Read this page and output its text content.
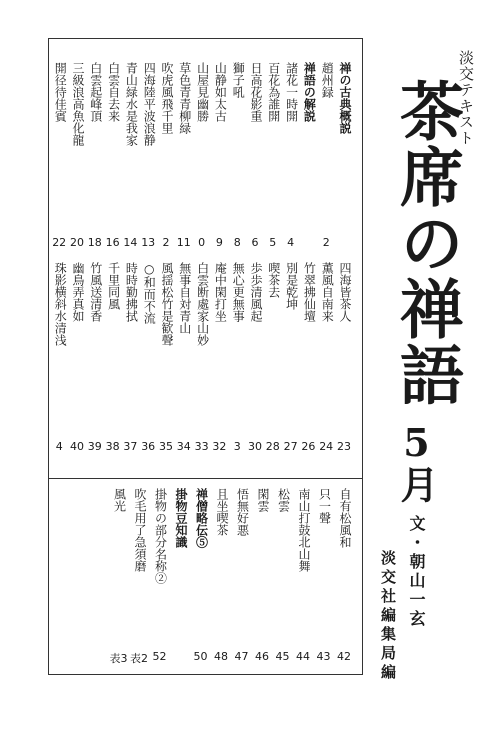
淡交テキスト
茶席の禅語
5月
文・朝山一玄
淡交社編集局編
禅の古典概説
趙州録
2
禅語の解説
諸花一時開
4
百花為誰開
5
日高花影重
6
獅子吼
8
山静如太古
9
山屋見幽勝
0
草色青青柳緑
11
吹虎風飛千里
2
四海陸平波浪静
13
青山緑水是我家
14
白雲自去来
16
白雲起峰頂
18
三級浪高魚化龍
20
開径待佳賓
22
四海皆茶人
23
薫風自南来
24
竹翠拂仙壇
26
別是乾坤
27
喫茶去
28
歩歩清風起
30
無心更無事
3
庵中閑打坐
32
白雲断處家山妙
33
無事自対青山
34
風揺松竹是歓聲
35
○和而不流
36
時時勤拂拭
37
千里同風
38
竹風送清香
39
幽鳥弄真如
40
珠影横斜水清浅
4
自有松風和
42
只一聲
43
南山打鼓北山舞
44
松雲
45
閑雲
46
悟無好悪
47
且坐喫茶
48
禅僧略伝⑤
50
掛物豆知識
掛物の部分名称②
52
吹毛用了急須磨
表2
風光
表3
